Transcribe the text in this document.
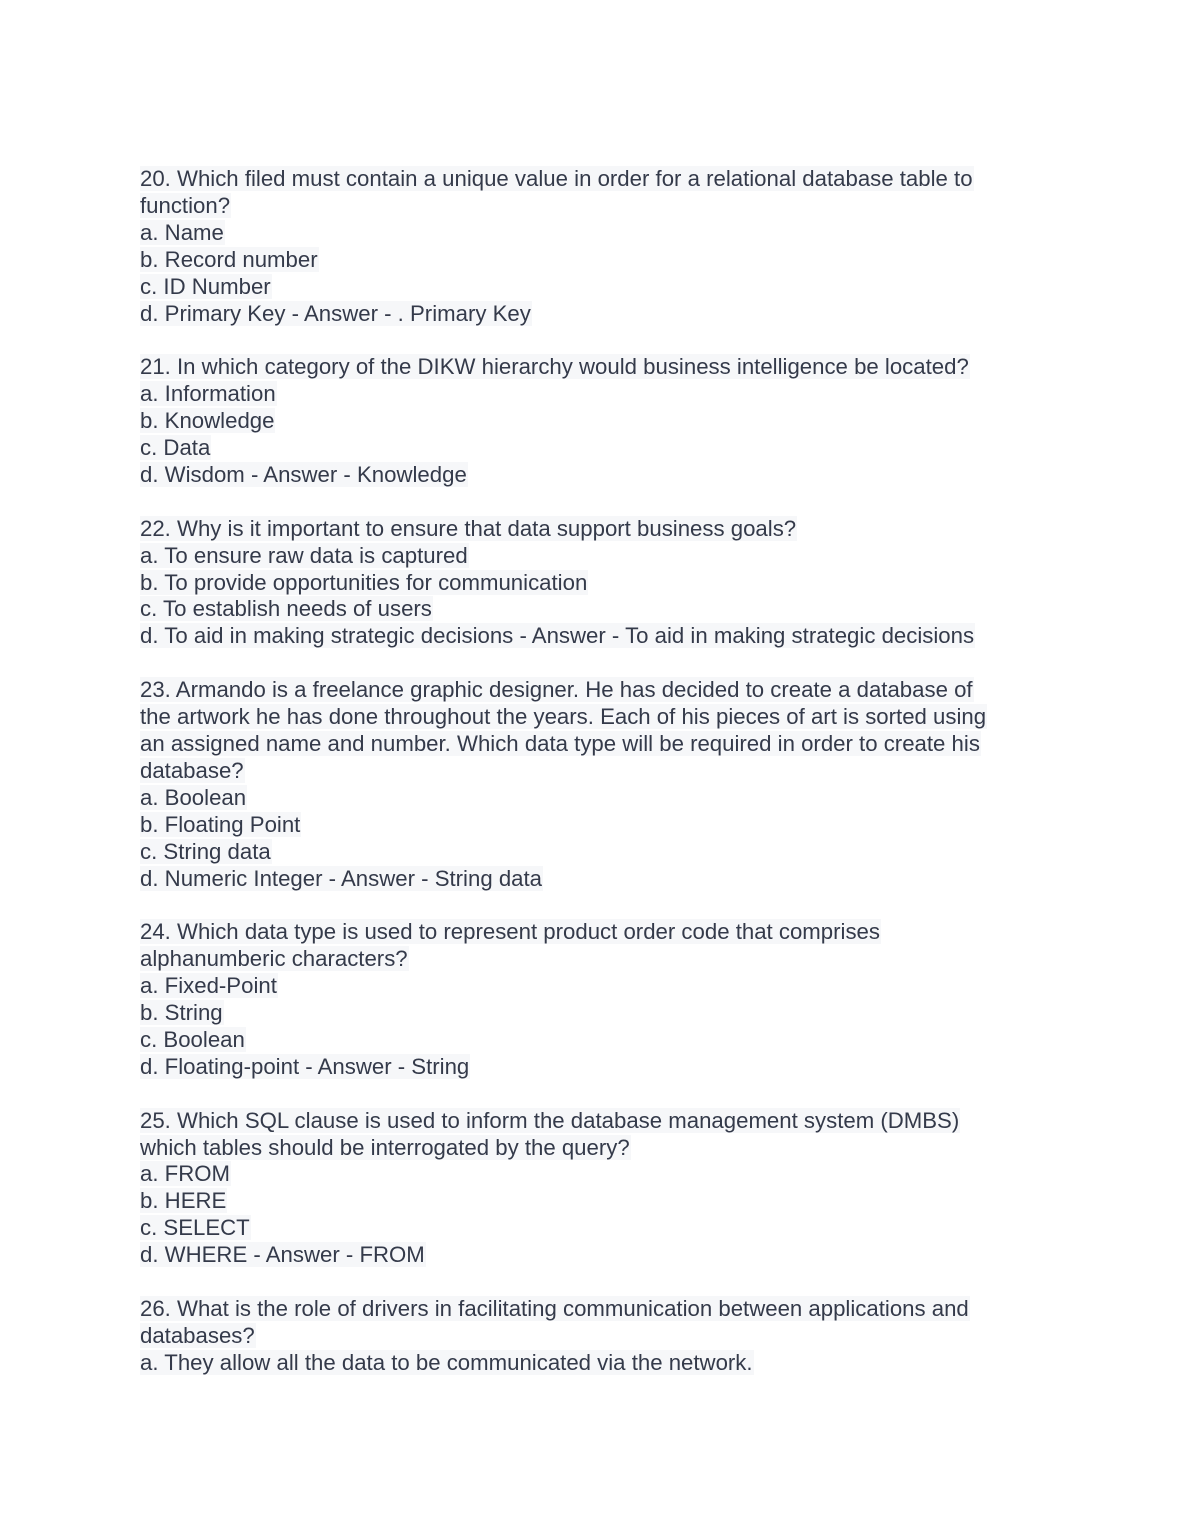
20. Which filed must contain a unique value in order for a relational database table to
function?
a. Name
b. Record number
c. ID Number
d. Primary Key - Answer - . Primary Key
21. In which category of the DIKW hierarchy would business intelligence be located?
a. Information
b. Knowledge
c. Data
d. Wisdom - Answer - Knowledge
22. Why is it important to ensure that data support business goals?
a. To ensure raw data is captured
b. To provide opportunities for communication
c. To establish needs of users
d. To aid in making strategic decisions - Answer - To aid in making strategic decisions
23. Armando is a freelance graphic designer. He has decided to create a database of
the artwork he has done throughout the years. Each of his pieces of art is sorted using
an assigned name and number. Which data type will be required in order to create his
database?
a. Boolean
b. Floating Point
c. String data
d. Numeric Integer - Answer - String data
24. Which data type is used to represent product order code that comprises
alphanumberic characters?
a. Fixed-Point
b. String
c. Boolean
d. Floating-point - Answer - String
25. Which SQL clause is used to inform the database management system (DMBS)
which tables should be interrogated by the query?
a. FROM
b. HERE
c. SELECT
d. WHERE - Answer - FROM
26. What is the role of drivers in facilitating communication between applications and
databases?
a. They allow all the data to be communicated via the network.
